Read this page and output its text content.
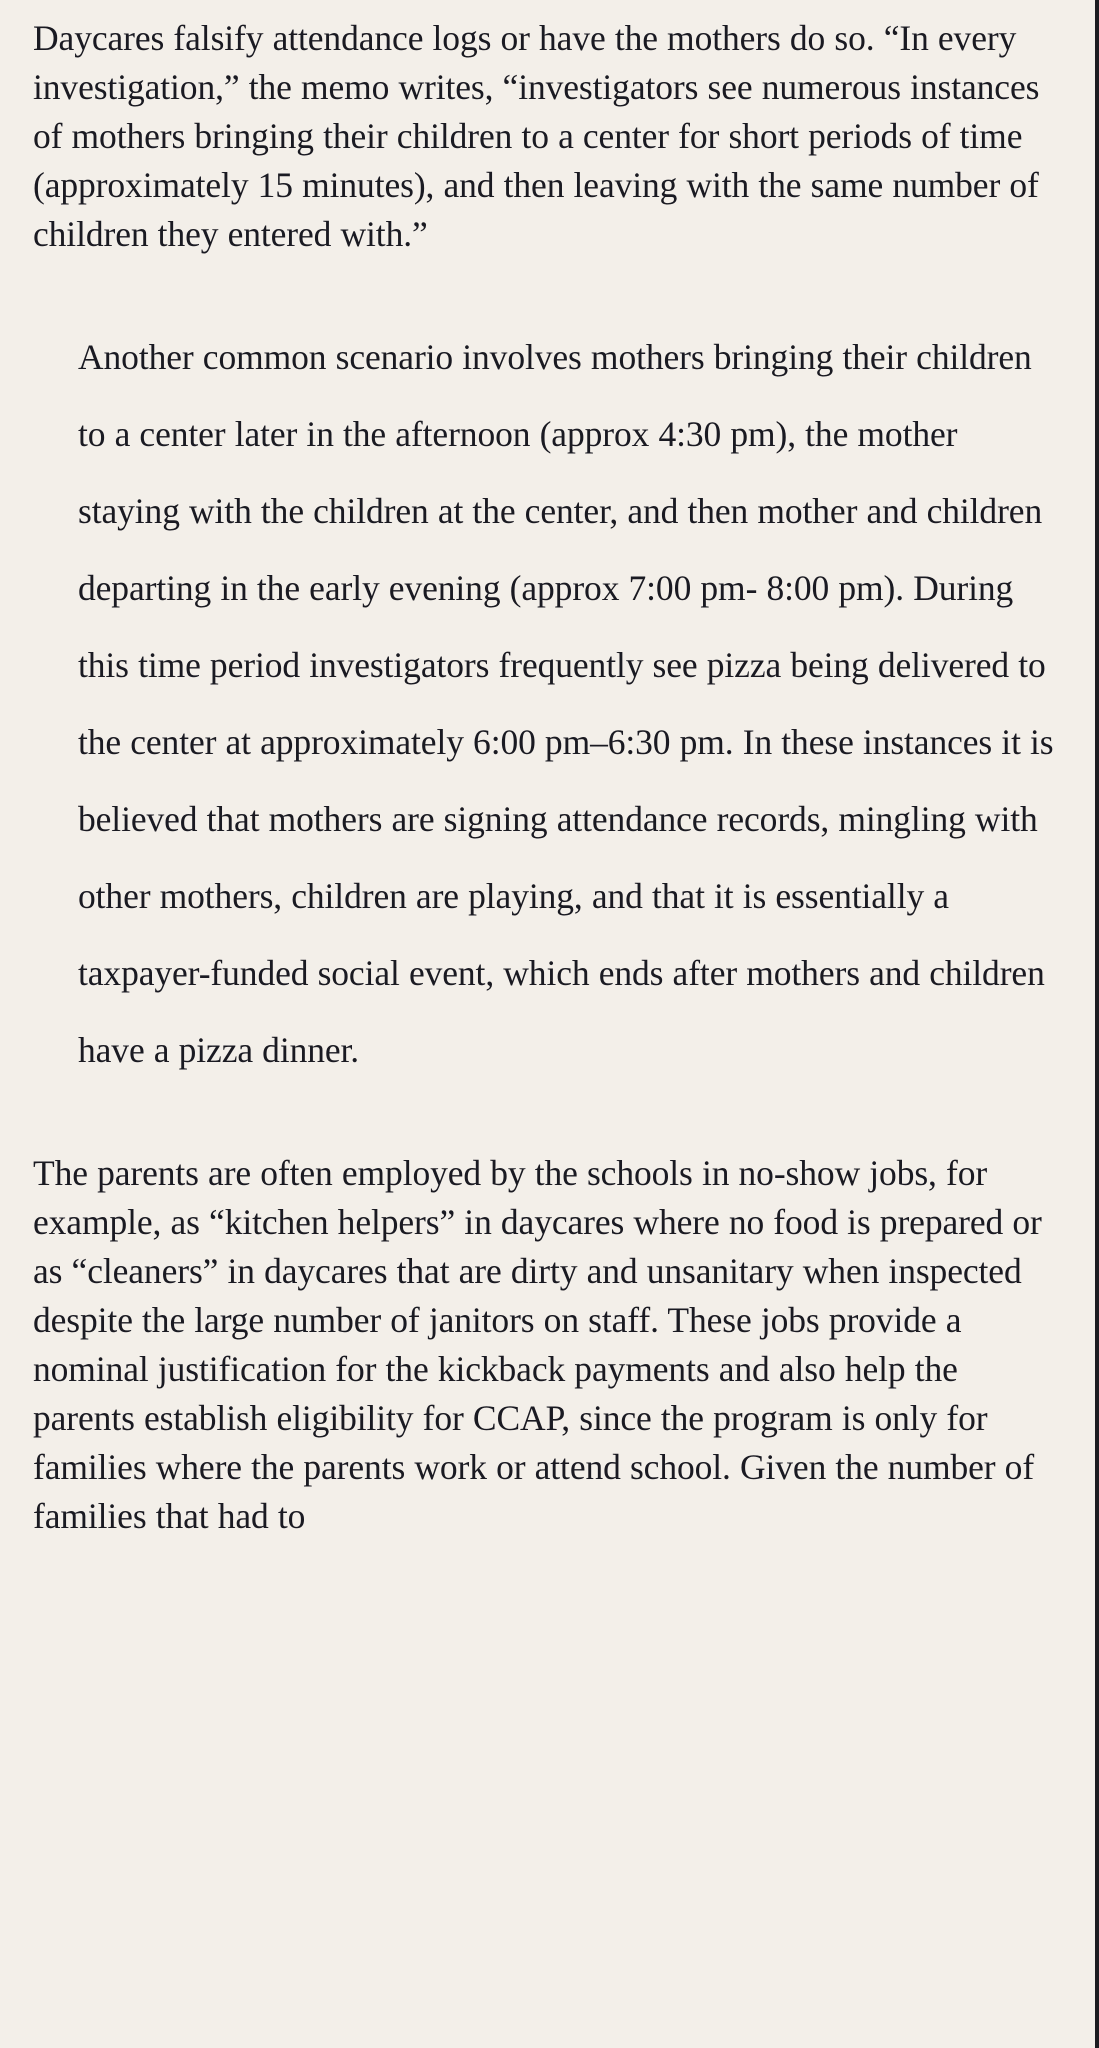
Daycares falsify attendance logs or have the mothers do so. “In every investigation,” the memo writes, “investigators see numerous instances of mothers bringing their children to a center for short periods of time (approximately 15 minutes), and then leaving with the same number of children they entered with.”

Another common scenario involves mothers bringing their children to a center later in the afternoon (approx 4:30 pm), the mother staying with the children at the center, and then mother and children departing in the early evening (approx 7:00 pm- 8:00 pm). During this time period investigators frequently see pizza being delivered to the center at approximately 6:00 pm–6:30 pm. In these instances it is believed that mothers are signing attendance records, mingling with other mothers, children are playing, and that it is essentially a taxpayer-funded social event, which ends after mothers and children have a pizza dinner.

The parents are often employed by the schools in no-show jobs, for example, as “kitchen helpers” in daycares where no food is prepared or as “cleaners” in daycares that are dirty and unsanitary when inspected despite the large number of janitors on staff. These jobs provide a nominal justification for the kickback payments and also help the parents establish eligibility for CCAP, since the program is only for families where the parents work or attend school. Given the number of families that had to
